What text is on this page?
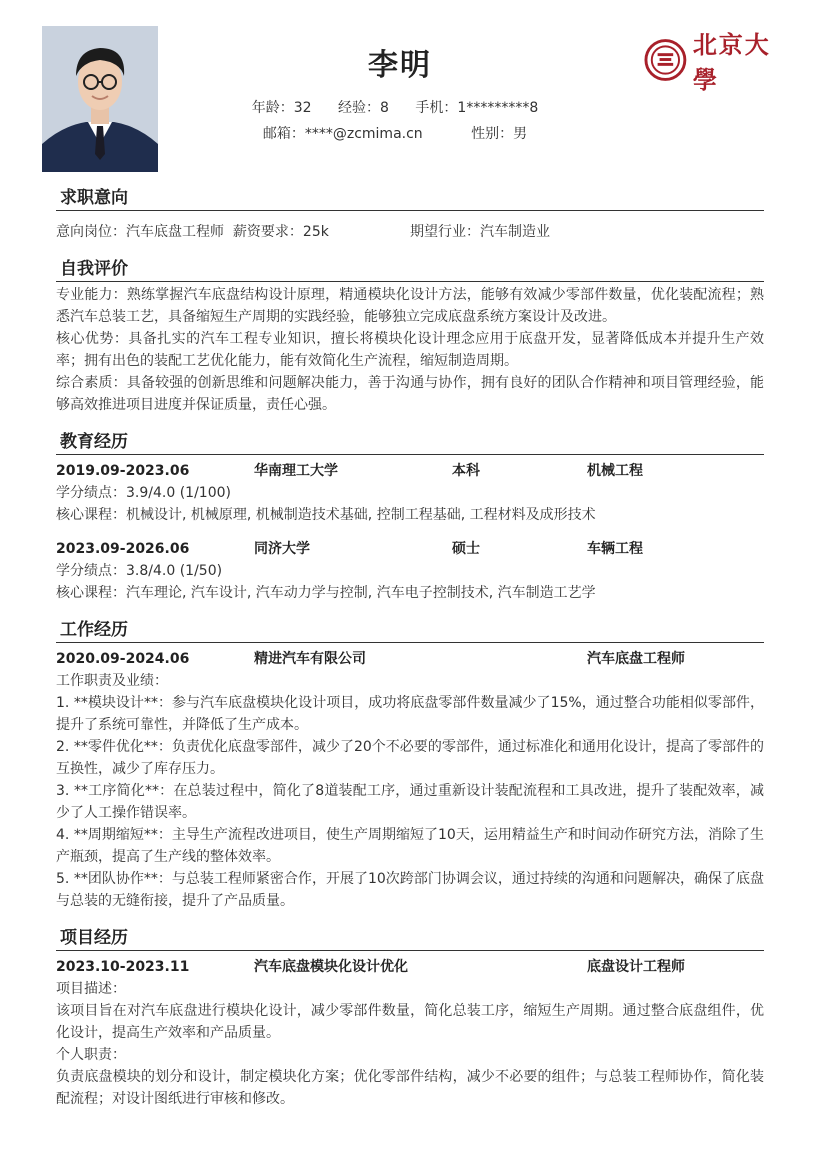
李明
年龄：32 经验：8 手机：1*********8
邮箱：****@zcmima.cn	性别：男
北京大學
求职意向
意向岗位：汽车底盘工程师 薪资要求：25k	期望行业：汽车制造业
自我评价
专业能力：熟练掌握汽车底盘结构设计原理，精通模块化设计方法，能够有效减少零部件数量，优化装配流程；熟悉汽车总装工艺，具备缩短生产周期的实践经验，能够独立完成底盘系统方案设计及改进。
核心优势：具备扎实的汽车工程专业知识，擅长将模块化设计理念应用于底盘开发，显著降低成本并提升生产效率；拥有出色的装配工艺优化能力，能有效简化生产流程，缩短制造周期。
综合素质：具备较强的创新思维和问题解决能力，善于沟通与协作，拥有良好的团队合作精神和项目管理经验，能够高效推进项目进度并保证质量，责任心强。
教育经历
2019.09-2023.06	华南理工大学	本科	机械工程
学分绩点：3.9/4.0 (1/100)
核心课程：机械设计, 机械原理, 机械制造技术基础, 控制工程基础, 工程材料及成形技术
2023.09-2026.06	同济大学	硕士	车辆工程
学分绩点：3.8/4.0 (1/50)
核心课程：汽车理论, 汽车设计, 汽车动力学与控制, 汽车电子控制技术, 汽车制造工艺学
工作经历
2020.09-2024.06	精进汽车有限公司	汽车底盘工程师
工作职责及业绩：
1. **模块设计**：参与汽车底盘模块化设计项目，成功将底盘零部件数量减少了15%，通过整合功能相似零部件，提升了系统可靠性，并降低了生产成本。
2. **零件优化**：负责优化底盘零部件，减少了20个不必要的零部件，通过标准化和通用化设计，提高了零部件的互换性，减少了库存压力。
3. **工序简化**：在总装过程中，简化了8道装配工序，通过重新设计装配流程和工具改进，提升了装配效率，减少了人工操作错误率。
4. **周期缩短**：主导生产流程改进项目，使生产周期缩短了10天，运用精益生产和时间动作研究方法，消除了生产瓶颈，提高了生产线的整体效率。
5. **团队协作**：与总装工程师紧密合作，开展了10次跨部门协调会议，通过持续的沟通和问题解决，确保了底盘与总装的无缝衔接，提升了产品质量。
项目经历
2023.10-2023.11	汽车底盘模块化设计优化	底盘设计工程师
项目描述：
该项目旨在对汽车底盘进行模块化设计，减少零部件数量，简化总装工序，缩短生产周期。通过整合底盘组件，优化设计，提高生产效率和产品质量。
个人职责：
负责底盘模块的划分和设计，制定模块化方案；优化零部件结构，减少不必要的组件；与总装工程师协作，简化装配流程；对设计图纸进行审核和修改。
